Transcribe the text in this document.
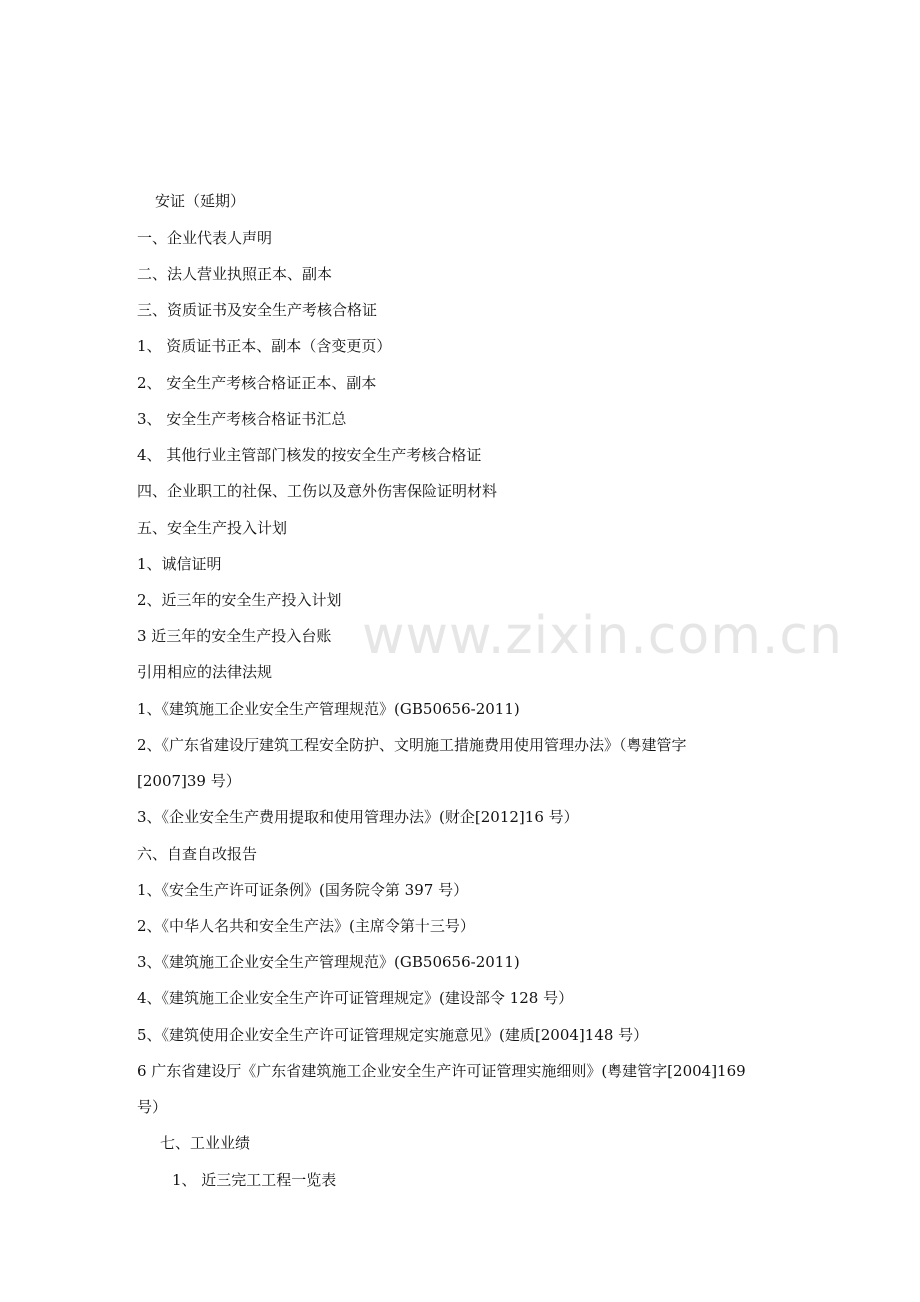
安证（延期）
一、企业代表人声明
二、法人营业执照正本、副本
三、资质证书及安全生产考核合格证
1、 资质证书正本、副本（含变更页）
2、 安全生产考核合格证正本、副本
3、 安全生产考核合格证书汇总
4、 其他行业主管部门核发的按安全生产考核合格证
四、企业职工的社保、工伤以及意外伤害保险证明材料
五、安全生产投入计划
1、诚信证明
2、近三年的安全生产投入计划
3 近三年的安全生产投入台账
引用相应的法律法规
1、《建筑施工企业安全生产管理规范》(GB50656-2011)
2、《广东省建设厅建筑工程安全防护、文明施工措施费用使用管理办法》（粤建管字
[2007]39 号）
3、《企业安全生产费用提取和使用管理办法》(财企[2012]16 号）
六、自查自改报告
1、《安全生产许可证条例》(国务院令第 397 号）
2、《中华人名共和安全生产法》(主席令第十三号）
3、《建筑施工企业安全生产管理规范》(GB50656-2011)
4、《建筑施工企业安全生产许可证管理规定》(建设部令 128 号）
5、《建筑使用企业安全生产许可证管理规定实施意见》(建质[2004]148 号）
6 广东省建设厅《广东省建筑施工企业安全生产许可证管理实施细则》(粤建管字[2004]169
号）
七、工业业绩
1、 近三完工工程一览表
www.zixin.com.cn
